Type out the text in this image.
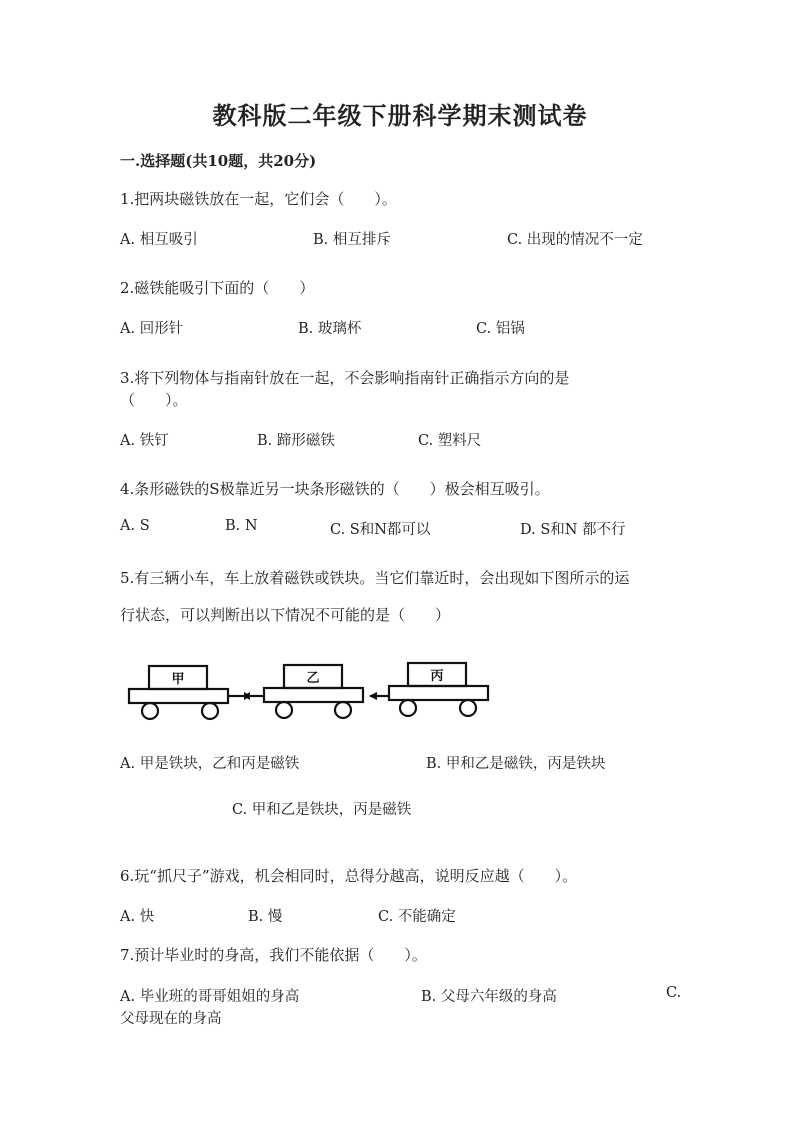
教科版二年级下册科学期末测试卷
一.选择题(共10题，共20分)
1.把两块磁铁放在一起，它们会（　　）。
A. 相互吸引	B. 相互排斥	C. 出现的情况不一定
2.磁铁能吸引下面的（　　）
A. 回形针	B. 玻璃杯	C. 铝锅
3.将下列物体与指南针放在一起，不会影响指南针正确指示方向的是
（　　）。
A. 铁钉	B. 蹄形磁铁	C. 塑料尺
4.条形磁铁的S极靠近另一块条形磁铁的（　　）极会相互吸引。
A. S	B. N	C. S和N都可以	D. S和N 都不行
5.有三辆小车，车上放着磁铁或铁块。当它们靠近时，会出现如下图所示的运
行状态，可以判断出以下情况不可能的是（　　）
甲	乙	丙
A. 甲是铁块，乙和丙是磁铁	B. 甲和乙是磁铁，丙是铁块
C. 甲和乙是铁块，丙是磁铁
6.玩“抓尺子”游戏，机会相同时，总得分越高，说明反应越（　　）。
A. 快	B. 慢	C. 不能确定
7.预计毕业时的身高，我们不能依据（　　）。
A. 毕业班的哥哥姐姐的身高	B. 父母六年级的身高	C.
父母现在的身高
